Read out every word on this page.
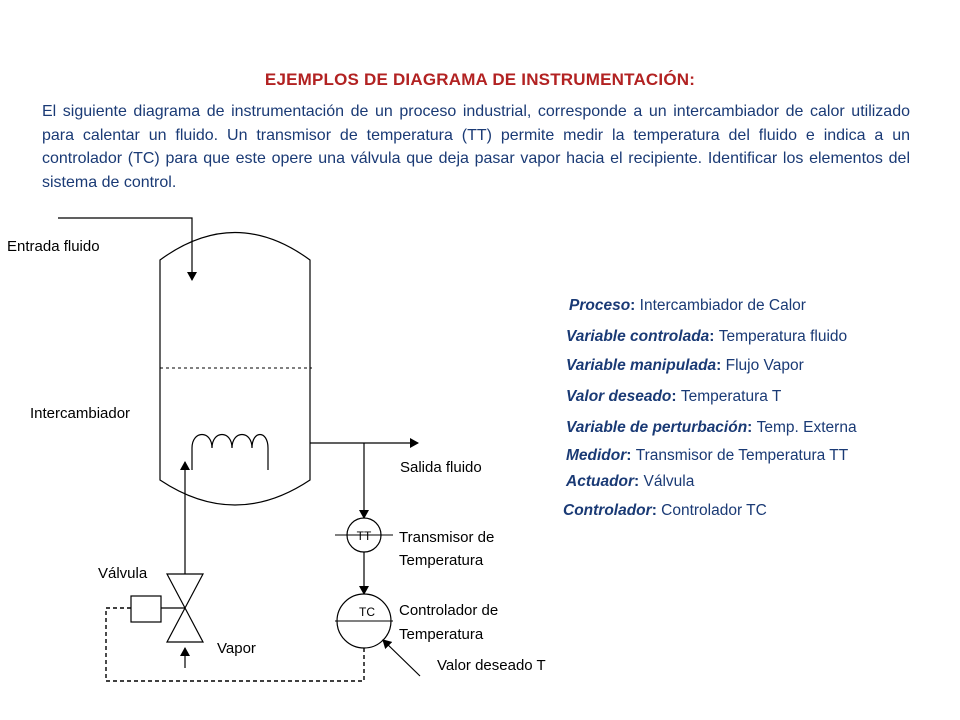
EJEMPLOS DE DIAGRAMA DE INSTRUMENTACIÓN:
El siguiente diagrama de instrumentación de un proceso industrial, corresponde a un intercambiador de calor utilizado para calentar un fluido. Un transmisor de temperatura (TT) permite medir la temperatura del fluido e indica a un controlador (TC) para que este opere una válvula que deja pasar vapor hacia el recipiente. Identificar los elementos del sistema de control.
TT
TC
Entrada fluido
Intercambiador
Salida fluido
Válvula
Vapor
Transmisor de
Temperatura
Controlador de
Temperatura
Valor deseado T
Proceso: Intercambiador de Calor
Variable controlada: Temperatura fluido
Variable manipulada: Flujo Vapor
Valor deseado: Temperatura T
Variable de perturbación: Temp. Externa
Medidor: Transmisor de Temperatura TT
Actuador: Válvula
Controlador: Controlador TC
